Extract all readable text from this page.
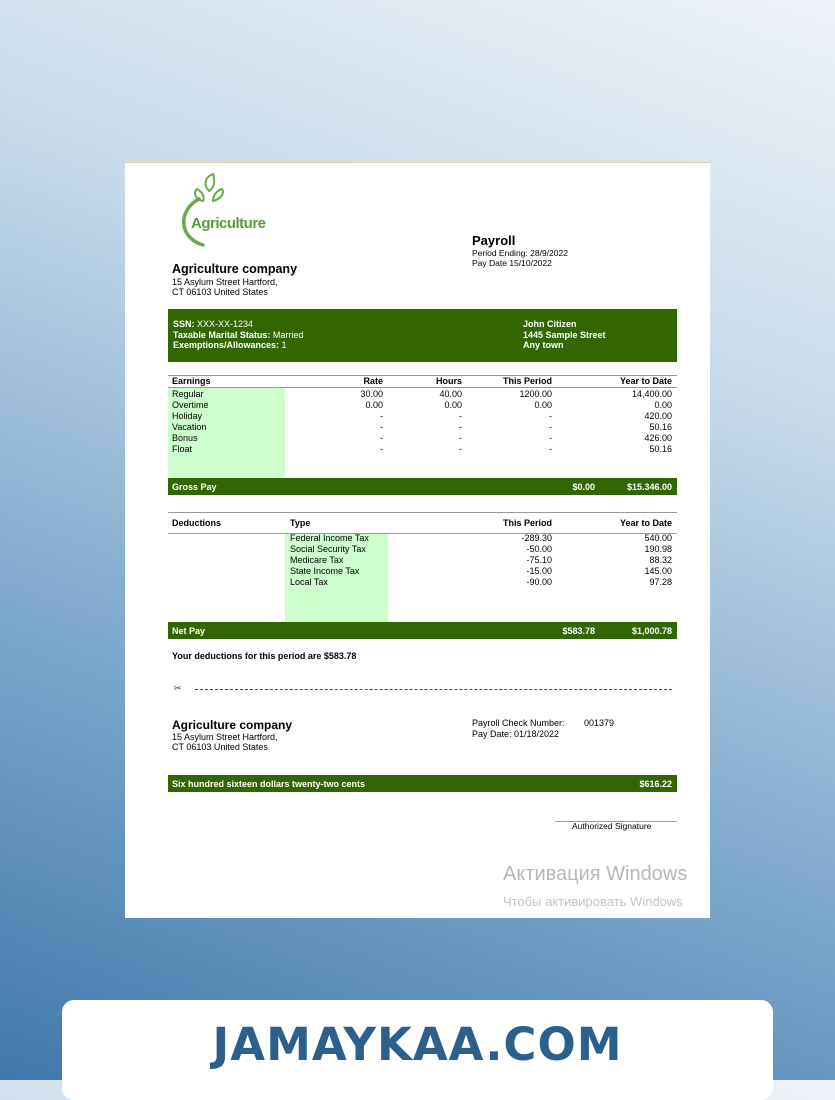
Agriculture
Payroll
Period Ending: 28/9/2022
Pay Date 15/10/2022
Agriculture company
15 Asylum Street Hartford,
CT 06103 United States
SSN: XXX-XX-1234
Taxable Marital Status: Married
Exemptions/Allowances: 1
John Citizen
1445 Sample Street
Any town
Earnings	Rate	Hours	This Period	Year to Date
Regular	30.00	40.00	1200.00	14,400.00
Overtime	0.00	0.00	0.00	0.00
Holiday	-	-	-	420.00
Vacation	-	-	-	50.16
Bonus	-	-	-	426.00
Float	-	-	-	50.16
Gross Pay	$0.00	$15.346.00
Deductions	Type	This Period	Year to Date
Federal Income Tax	-289.30	540.00
Social Security Tax	-50.00	190.98
Medicare Tax	-75.10	88.32
State Income Tax	-15.00	145.00
Local Tax	-90.00	97.28
Net Pay	$583.78	$1,000.78
Your deductions for this period are $583.78
✂
Agriculture company
15 Asylum Street Hartford,
CT 06103 United States
Payroll Check Number: 001379
Pay Date: 01/18/2022
Six hundred sixteen dollars twenty-two cents	$616.22
Authorized Signature
Активация Windows
Чтобы активировать Windows
JAMAYKAA.COM
